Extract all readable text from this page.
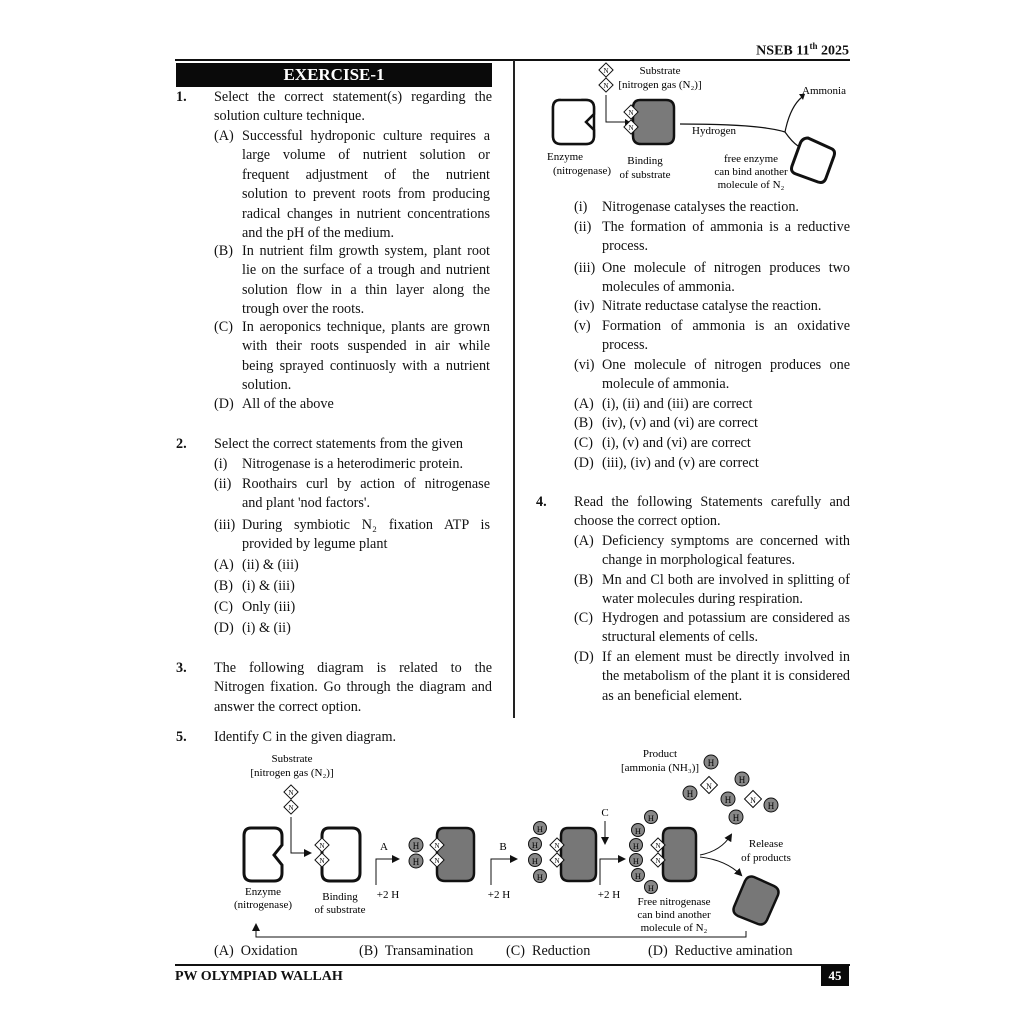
NSEB 11th 2025
EXERCISE-1
1. Select the correct statement(s) regarding the
solution culture technique.
(A) Successful hydroponic culture requires a
large volume of nutrient solution or
frequent adjustment of the nutrient
solution to prevent roots from producing
radical changes in nutrient concentrations
and the pH of the medium.
(B) In nutrient film growth system, plant root
lie on the surface of a trough and nutrient
solution flow in a thin layer along the
trough over the roots.
(C) In aeroponics technique, plants are grown
with their roots suspended in air while
being sprayed continuosly with a nutrient
solution.
(D) All of the above
2. Select the correct statements from the given
(i) Nitrogenase is a heterodimeric protein.
(ii) Roothairs curl by action of nitrogenase
and plant 'nod factors'.
(iii) During symbiotic N₂ fixation ATP is
provided by legume plant
(A) (ii) & (iii)
(B) (i) & (iii)
(C) Only (iii)
(D) (i) & (ii)
3. The following diagram is related to the
Nitrogen fixation. Go through the diagram and
answer the correct option.
N
N
Substrate
[nitrogen gas (N₂)]
N
N
Ammonia
Hydrogen
Enzyme
(nitrogenase)
Binding
of substrate
free enzyme
can bind another
molecule of N₂
(i) Nitrogenase catalyses the reaction.
(ii) The formation of ammonia is a reductive
process.
(iii) One molecule of nitrogen produces two
molecules of ammonia.
(iv) Nitrate reductase catalyse the reaction.
(v) Formation of ammonia is an oxidative
process.
(vi) One molecule of nitrogen produces one
molecule of ammonia.
(A) (i), (ii) and (iii) are correct
(B) (iv), (v) and (vi) are correct
(C) (i), (v) and (vi) are correct
(D) (iii), (iv) and (v) are correct
4. Read the following Statements carefully and
choose the correct option.
(A) Deficiency symptoms are concerned with
change in morphological features.
(B) Mn and Cl both are involved in splitting of
water molecules during respiration.
(C) Hydrogen and potassium are considered as
structural elements of cells.
(D) If an element must be directly involved in
the metabolism of the plant it is considered
as an beneficial element.
5. Identify C in the given diagram.
Substrate
[nitrogen gas (N₂)]
N
N
N
N
A
+2 H
H
H
N
N
B
+2 H
H
H
H
H
N
N
C
+2 H
H
H
H
H
H
H
N
N
Product
[ammonia (NH₃)] H
N
H
H
H
N
H
H
Release
of products
Free nitrogenase
can bind another
molecule of N₂
Enzyme
(nitrogenase)
Binding
of substrate
(A) Oxidation	(B) Transamination (C) Reduction	(D) Reductive amination
PW OLYMPIAD WALLAH	45
